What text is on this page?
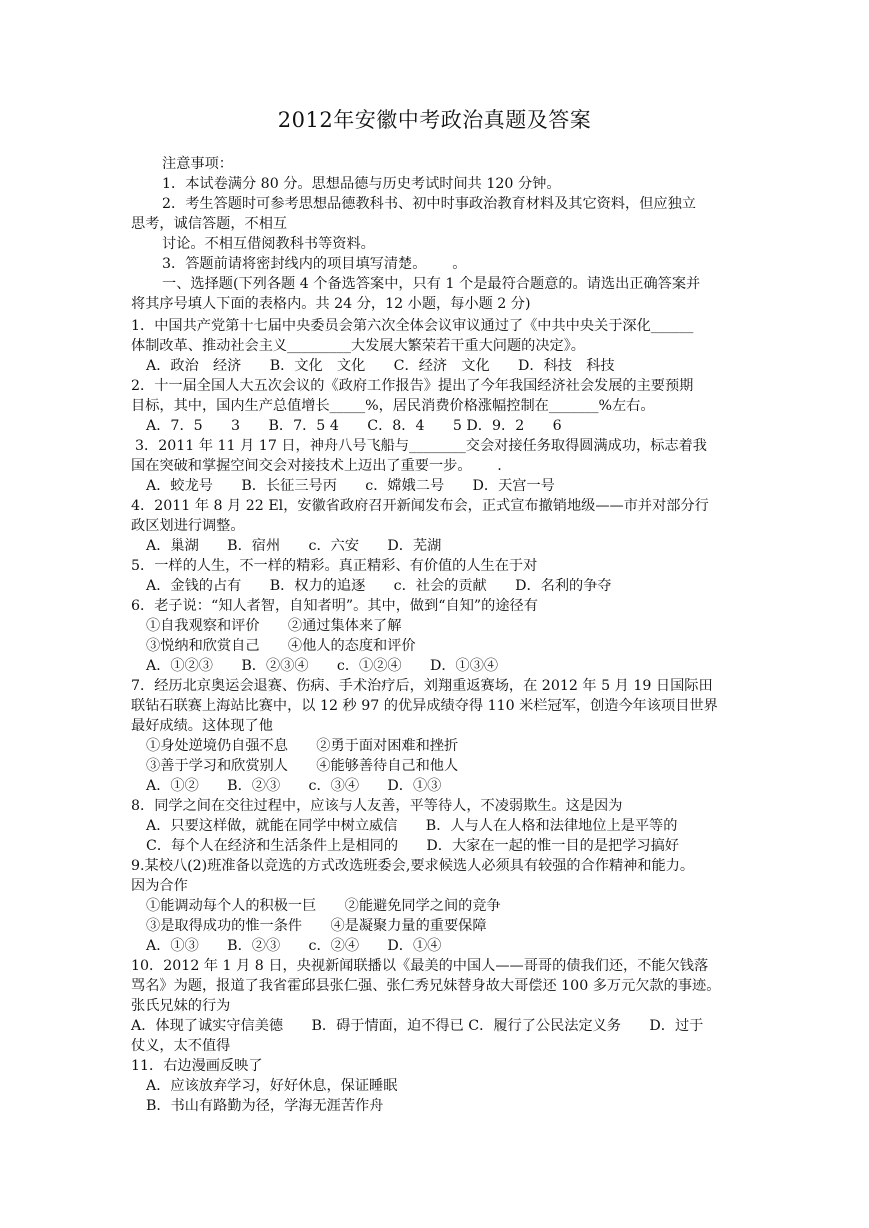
2012年安徽中考政治真题及答案
注意事项：
1．本试卷满分 80 分。思想品德与历史考试时间共 120 分钟。
2．考生答题时可参考思想品德教科书、初中时事政治教育材料及其它资料，但应独立
思考，诚信答题，不相互
讨论。不相互借阅教科书等资料。
3．答题前请将密封线内的项目填写清楚。　　 。
一、选择题(下列各题 4 个备选答案中，只有 1 个是最符合题意的。请选出正确答案并
将其序号填人下面的表格内。共 24 分，12 小题，每小题 2 分)
1．中国共产党第十七届中央委员会第六次全体会议审议通过了《中共中央关于深化______
体制改革、推动社会主义_________大发展大繁荣若干重大问题的决定》。
A．政治　经济　　B．文化　文化　　C．经济　文化　　D．科技　科技
2．十一届全国人大五次会议的《政府工作报告》提出了今年我国经济社会发展的主要预期
目标，其中，国内生产总值增长_____%，居民消费价格涨幅控制在_______%左右。
A．7．5　　3　　B．7．5 4　　C．8．4　　5 D．9．2　　6
3．2011 年 11 月 17 日，神舟八号飞船与________交会对接任务取得圆满成功，标志着我
国在突破和掌握空间交会对接技术上迈出了重要一步。　　 .
A．蛟龙号　　B．长征三号丙　　c．嫦娥二号　　D．天宫一号
4．2011 年 8 月 22 El，安徽省政府召开新闻发布会，正式宣布撤销地级——市并对部分行
政区划进行调整。
A．巢湖　　B．宿州　　c．六安　　D．芜湖
5．一样的人生，不一样的精彩。真正精彩、有价值的人生在于对
A．金钱的占有　　B．权力的追逐　　c．社会的贡献　　D．名利的争夺
6．老子说：“知人者智，自知者明”。其中，做到“自知”的途径有
①自我观察和评价　　②通过集体来了解
③悦纳和欣赏自己　　④他人的态度和评价
A．①②③　　B．②③④　　c．①②④　　D．①③④
7．经历北京奥运会退赛、伤病、手术治疗后，刘翔重返赛场，在 2012 年 5 月 19 日国际田
联钻石联赛上海站比赛中，以 12 秒 97 的优异成绩夺得 110 米栏冠军，创造今年该项目世界
最好成绩。这体现了他
①身处逆境仍自强不息　　②勇于面对困难和挫折
③善于学习和欣赏别人　　④能够善待自己和他人
A．①②　　B．②③　　c．③④　　D．①③
8．同学之间在交往过程中，应该与人友善，平等待人，不凌弱欺生。这是因为
A．只要这样做，就能在同学中树立威信　　B．人与人在人格和法律地位上是平等的
C．每个人在经济和生活条件上是相同的　　D．大家在一起的惟一目的是把学习搞好
9.某校八(2)班准备以竞选的方式改选班委会,要求候选人必须具有较强的合作精神和能力。
因为合作
①能调动每个人的积极一巨　　②能避免同学之间的竞争
③是取得成功的惟一条件　　④是凝聚力量的重要保障
A．①③　　B．②③　　c．②④　　D．①④
10．2012 年 1 月 8 日，央视新闻联播以《最美的中国人——哥哥的债我们还，不能欠钱落
骂名》为题，报道了我省霍邱县张仁强、张仁秀兄妹替身故大哥偿还 100 多万元欠款的事迹。
张氏兄妹的行为
A．体现了诚实守信美德　　B．碍于情面，迫不得已 C．履行了公民法定义务　　D．过于
仗义，太不值得
11．右边漫画反映了
A．应该放弃学习，好好休息，保证睡眠
B．书山有路勤为径，学海无涯苦作舟
